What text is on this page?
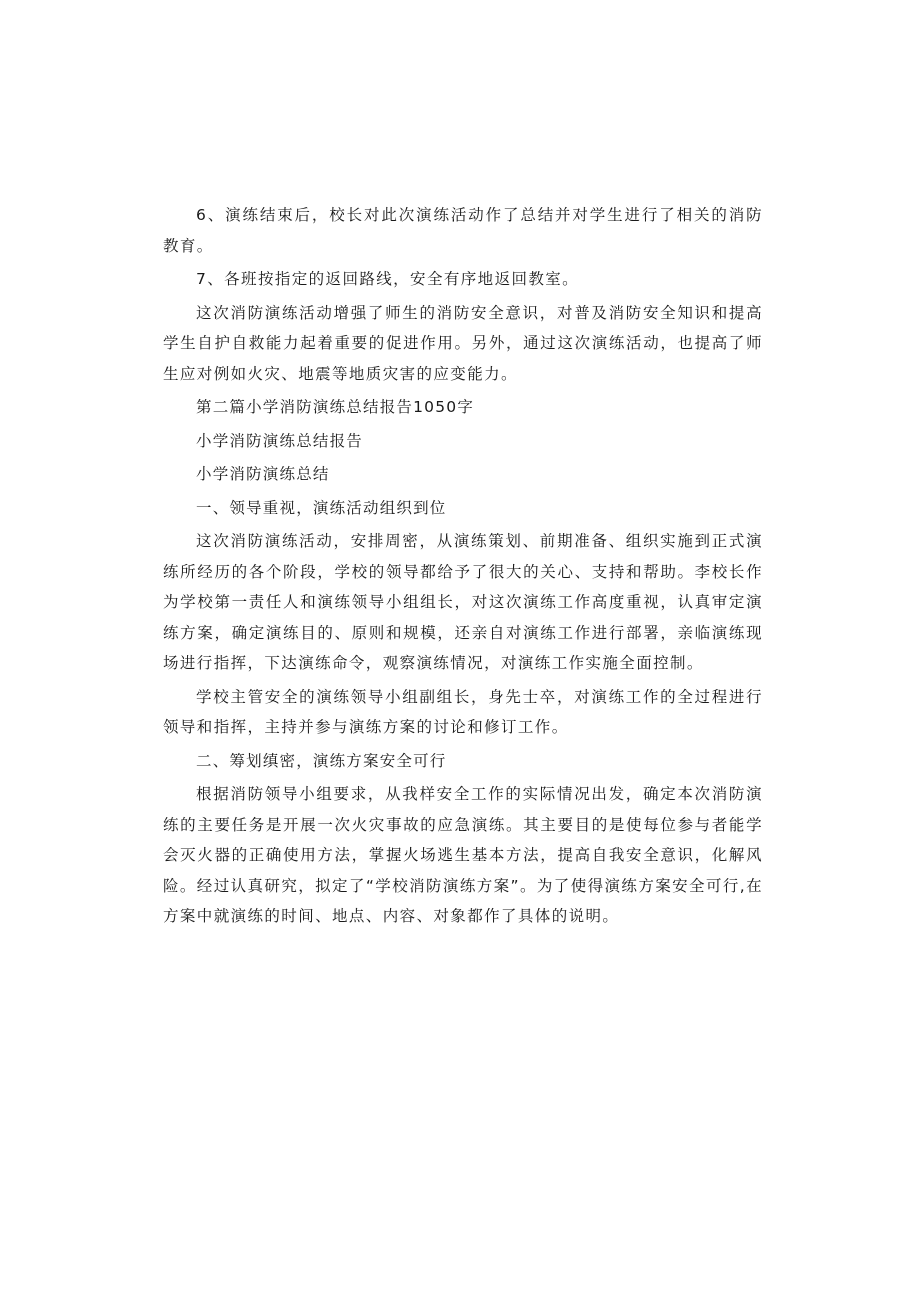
6、演练结束后，校长对此次演练活动作了总结并对学生进行了相关的消防教育。

7、各班按指定的返回路线，安全有序地返回教室。

这次消防演练活动增强了师生的消防安全意识，对普及消防安全知识和提高学生自护自救能力起着重要的促进作用。另外，通过这次演练活动，也提高了师生应对例如火灾、地震等地质灾害的应变能力。

第二篇小学消防演练总结报告1050字

小学消防演练总结报告

小学消防演练总结

一、领导重视，演练活动组织到位

这次消防演练活动，安排周密，从演练策划、前期准备、组织实施到正式演练所经历的各个阶段，学校的领导都给予了很大的关心、支持和帮助。李校长作为学校第一责任人和演练领导小组组长，对这次演练工作高度重视，认真审定演练方案，确定演练目的、原则和规模，还亲自对演练工作进行部署，亲临演练现场进行指挥，下达演练命令，观察演练情况，对演练工作实施全面控制。

学校主管安全的演练领导小组副组长，身先士卒，对演练工作的全过程进行领导和指挥，主持并参与演练方案的讨论和修订工作。

二、筹划缜密，演练方案安全可行

根据消防领导小组要求，从我样安全工作的实际情况出发，确定本次消防演练的主要任务是开展一次火灾事故的应急演练。其主要目的是使每位参与者能学会灭火器的正确使用方法，掌握火场逃生基本方法，提高自我安全意识，化解风险。经过认真研究，拟定了“学校消防演练方案”。为了使得演练方案安全可行,在方案中就演练的时间、地点、内容、对象都作了具体的说明。
